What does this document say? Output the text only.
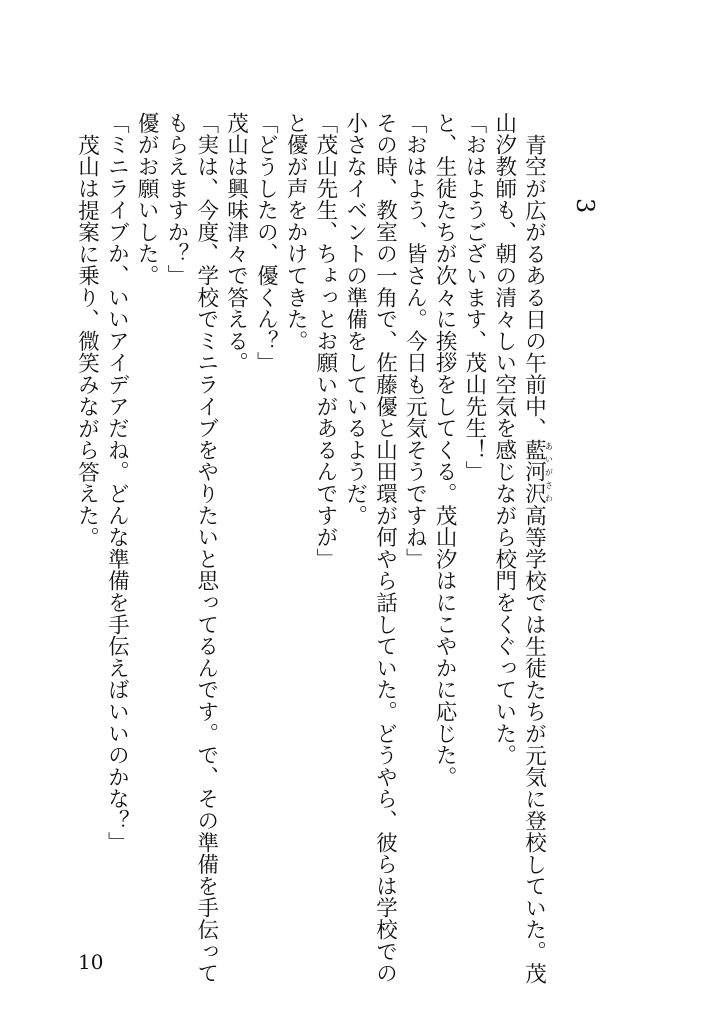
3
青空が広がるある日の午前中、藍河沢あいがさわ高等学校では生徒たちが元気に登校していた。茂
山汐教師も、朝の清々しい空気を感じながら校門をくぐっていた。
「おはようございます、茂山先生！」
と、生徒たちが次々に挨拶をしてくる。茂山汐はにこやかに応じた。
「おはよう、皆さん。今日も元気そうですね」
その時、教室の一角で、佐藤優と山田環が何やら話していた。どうやら、彼らは学校での
小さなイベントの準備をしているようだ。
「茂山先生、ちょっとお願いがあるんですが」
と優が声をかけてきた。
「どうしたの、優くん？」
茂山は興味津々で答える。
「実は、今度、学校でミニライブをやりたいと思ってるんです。で、その準備を手伝って
もらえますか？」
優がお願いした。
「ミニライブか、いいアイデアだね。どんな準備を手伝えばいいのかな？」
茂山は提案に乗り、微笑みながら答えた。
10
